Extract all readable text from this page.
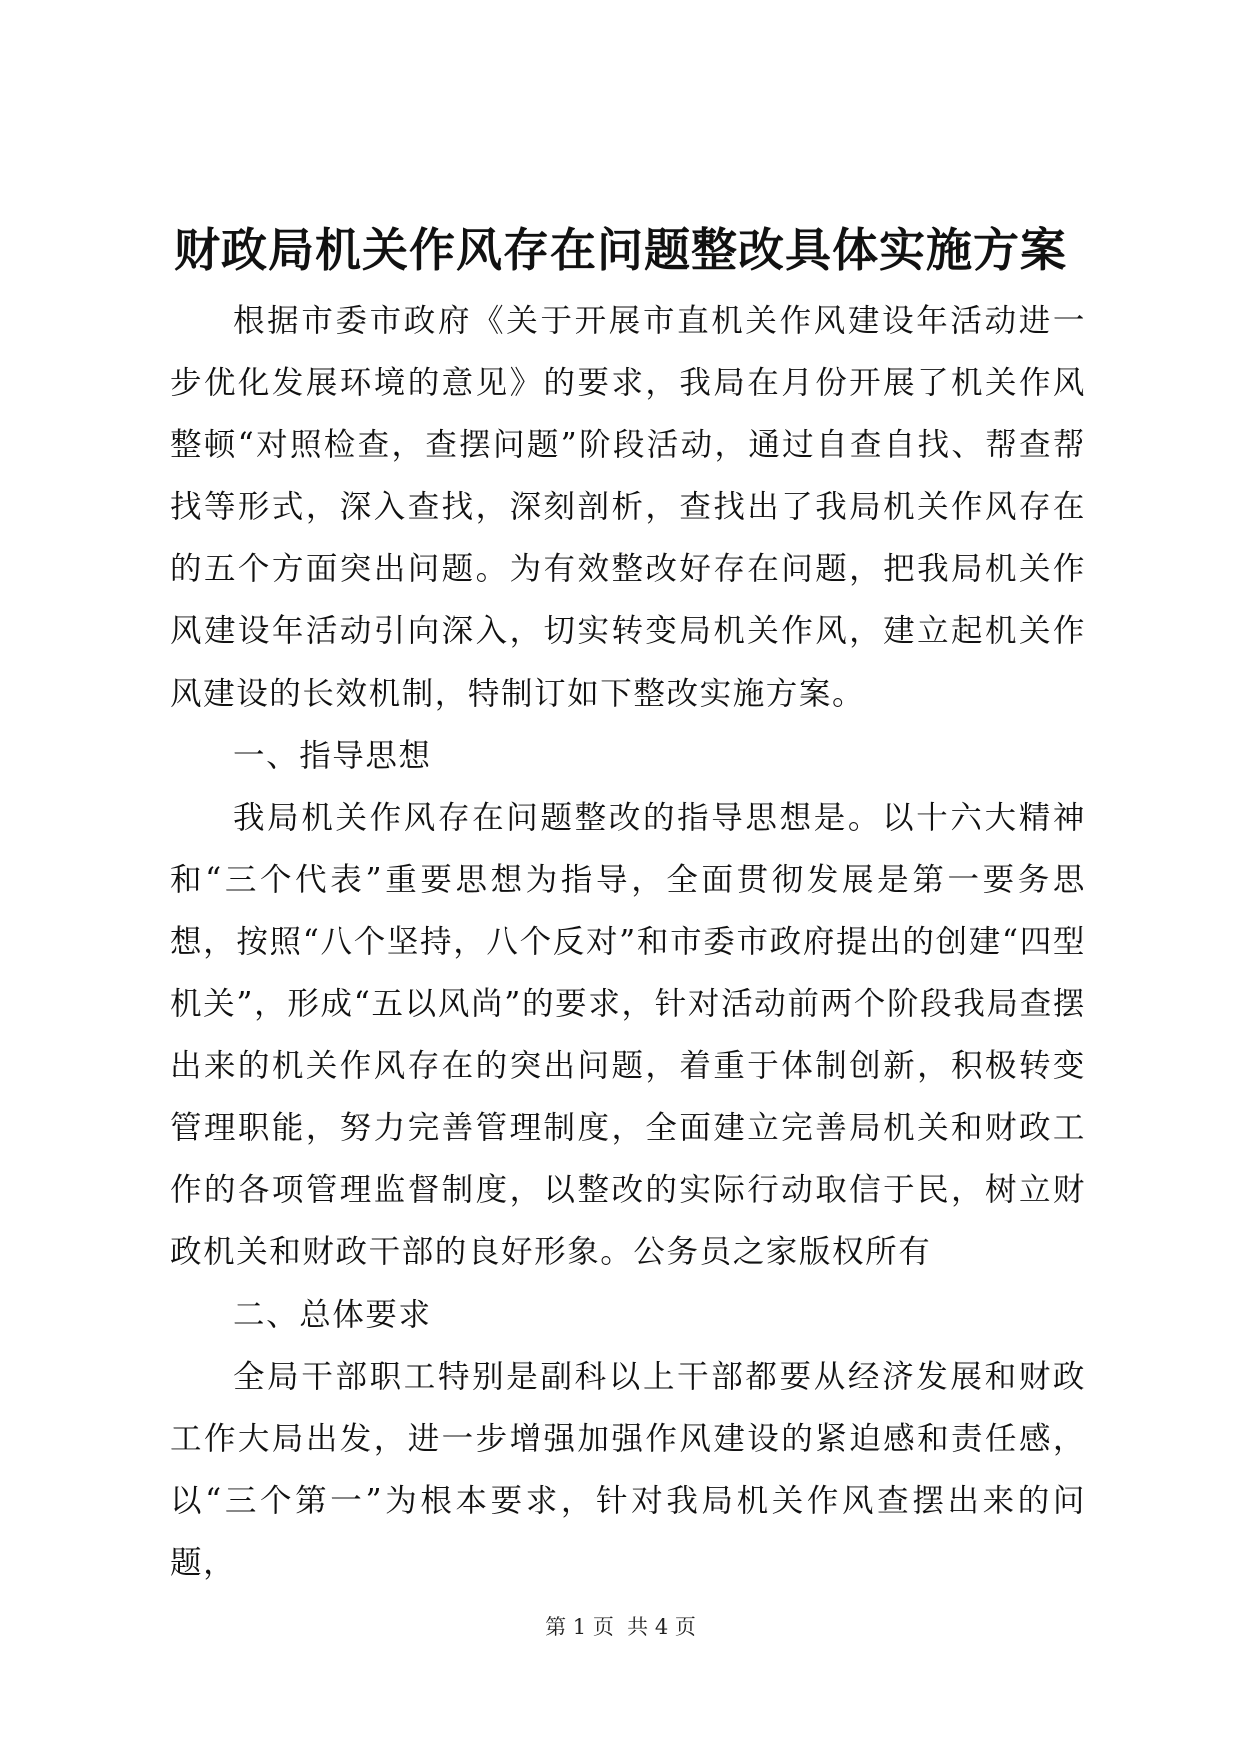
财政局机关作风存在问题整改具体实施方案

根据市委市政府《关于开展市直机关作风建设年活动进一步优化发展环境的意见》的要求，我局在月份开展了机关作风整顿“对照检查，查摆问题”阶段活动，通过自查自找、帮查帮找等形式，深入查找，深刻剖析，查找出了我局机关作风存在的五个方面突出问题。为有效整改好存在问题，把我局机关作风建设年活动引向深入，切实转变局机关作风，建立起机关作风建设的长效机制，特制订如下整改实施方案。

一、指导思想

我局机关作风存在问题整改的指导思想是。以十六大精神和“三个代表”重要思想为指导，全面贯彻发展是第一要务思想，按照“八个坚持，八个反对”和市委市政府提出的创建“四型机关”，形成“五以风尚”的要求，针对活动前两个阶段我局查摆出来的机关作风存在的突出问题，着重于体制创新，积极转变管理职能，努力完善管理制度，全面建立完善局机关和财政工作的各项管理监督制度，以整改的实际行动取信于民，树立财政机关和财政干部的良好形象。公务员之家版权所有

二、总体要求

全局干部职工特别是副科以上干部都要从经济发展和财政工作大局出发，进一步增强加强作风建设的紧迫感和责任感，以“三个第一”为根本要求，针对我局机关作风查摆出来的问题，

第 1 页  共 4 页
